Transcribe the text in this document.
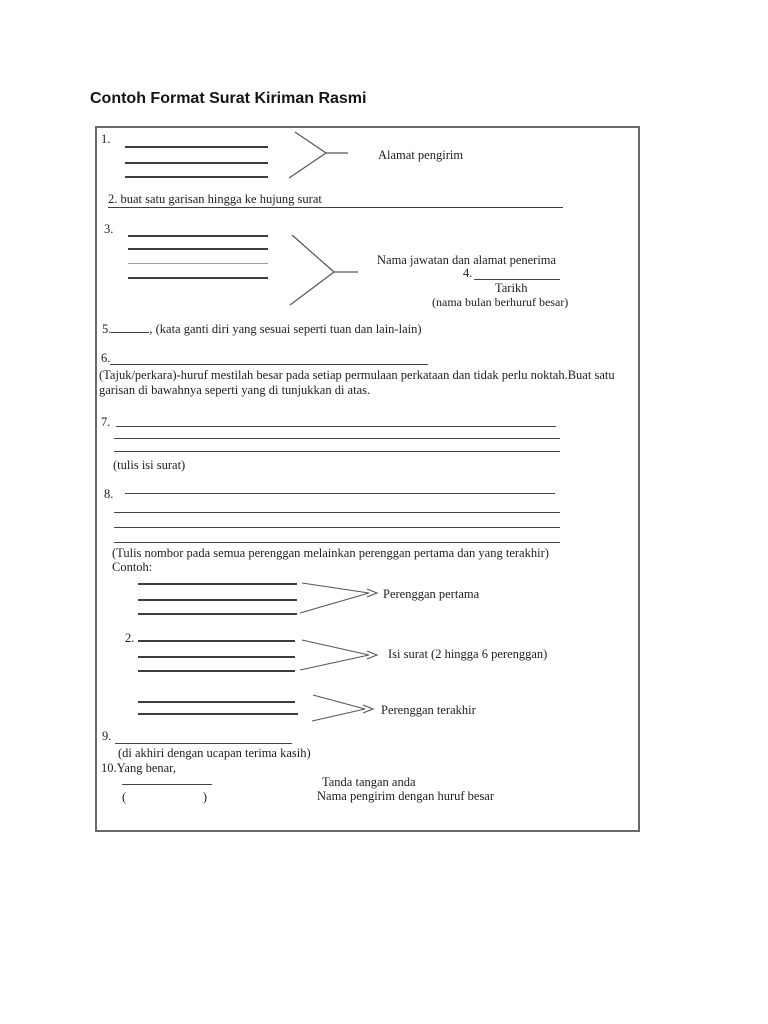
Contoh Format Surat Kiriman Rasmi
1.
Alamat pengirim
2. buat satu garisan hingga ke hujung surat
3.
Nama jawatan dan alamat penerima
4.
Tarikh
(nama bulan berhuruf besar)
5.	, (kata ganti diri yang sesuai seperti tuan dan lain-lain)
6.
(Tajuk/perkara)-huruf mestilah besar pada setiap permulaan perkataan dan tidak perlu noktah.Buat satu garisan di bawahnya seperti yang di tunjukkan di atas.
7.
(tulis isi surat)
8.
(Tulis nombor pada semua perenggan melainkan perenggan pertama dan yang terakhir)
Contoh:
Perenggan pertama
2.
Isi surat (2 hingga 6 perenggan)
Perenggan terakhir
9.
(di akhiri dengan ucapan terima kasih)
10.Yang benar,
(	)
Tanda tangan anda
Nama pengirim dengan huruf besar
